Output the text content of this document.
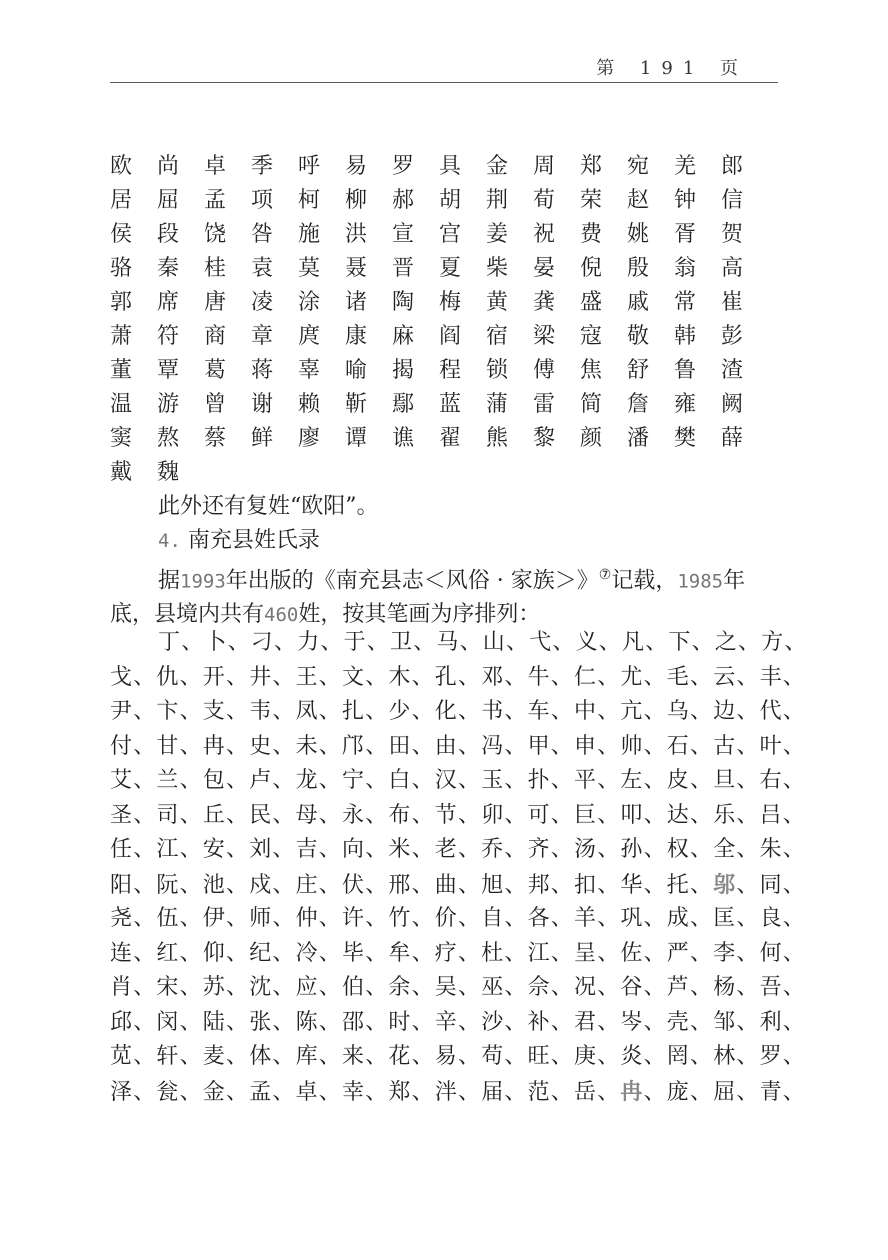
第 191 页
欧	尚	卓	季	呼	易	罗	具	金	周	郑	宛	羌	郎
居	屈	孟	项	柯	柳	郝	胡	荆	荀	荣	赵	钟	信
侯	段	饶	咎	施	洪	宣	宫	姜	祝	费	姚	胥	贺
骆	秦	桂	袁	莫	聂	晋	夏	柴	晏	倪	殷	翁	高
郭	席	唐	凌	涂	诸	陶	梅	黄	龚	盛	戚	常	崔
萧	符	商	章	庹	康	麻	阎	宿	梁	寇	敬	韩	彭
董	覃	葛	蒋	辜	喻	揭	程	锁	傅	焦	舒	鲁	渣
温	游	曾	谢	赖	靳	鄢	蓝	蒲	雷	简	詹	雍	阙
窦	熬	蔡	鲜	廖	谭	谯	翟	熊	黎	颜	潘	樊	薛
戴	魏
此外还有复姓“欧阳”。
4. 南充县姓氏录
据1993年出版的《南充县志＜风俗 · 家族＞》⑦记载，1985年
底，县境内共有460姓，按其笔画为序排列：
丁、卜、刁、力、于、卫、马、山、弋、义、凡、下、之、方、
戈、仇、开、井、王、文、木、孔、邓、牛、仁、尤、毛、云、丰、
尹、卞、支、韦、凤、扎、少、化、书、车、中、亢、乌、边、代、
付、甘、冉、史、未、邝、田、由、冯、甲、申、帅、石、古、叶、
艾、兰、包、卢、龙、宁、白、汉、玉、扑、平、左、皮、旦、右、
圣、司、丘、民、母、永、布、节、卯、可、巨、叩、达、乐、吕、
任、江、安、刘、吉、向、米、老、乔、齐、汤、孙、权、全、朱、
阳、阮、池、戍、庄、伏、邢、曲、旭、邦、扣、华、托、邬、同、
尧、伍、伊、师、仲、许、竹、价、自、各、羊、巩、成、匡、良、
连、红、仰、纪、冷、毕、牟、疗、杜、江、呈、佐、严、李、何、
肖、宋、苏、沈、应、伯、余、吴、巫、佘、况、谷、芦、杨、吾、
邱、闵、陆、张、陈、邵、时、辛、沙、补、君、岑、壳、邹、利、
苋、轩、麦、体、库、来、花、易、苟、旺、庚、炎、罔、林、罗、
泽、瓮、金、孟、卓、幸、郑、泮、届、范、岳、冉、庞、屈、青、
